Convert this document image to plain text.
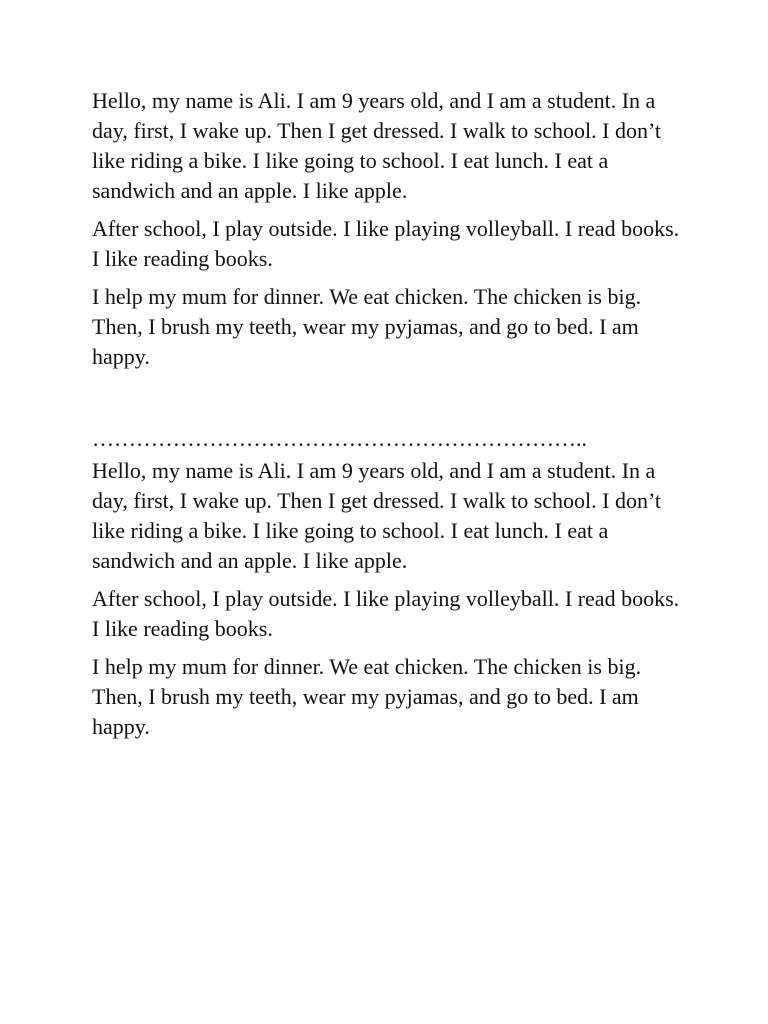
Hello, my name is Ali. I am 9 years old, and I am a student. In a day, first, I wake up. Then I get dressed. I walk to school. I don’t like riding a bike. I like going to school. I eat lunch. I eat a sandwich and an apple. I like apple.

After school, I play outside. I like playing volleyball. I read books.  I like reading books.

I help my mum for dinner. We eat chicken. The chicken is big. Then, I brush my teeth, wear my pyjamas, and go to bed. I am happy.

…………………………………………………………..

Hello, my name is Ali. I am 9 years old, and I am a student. In a day, first, I wake up. Then I get dressed. I walk to school. I don’t like riding a bike. I like going to school. I eat lunch. I eat a sandwich and an apple. I like apple.

After school, I play outside. I like playing volleyball. I read books.  I like reading books.

I help my mum for dinner. We eat chicken. The chicken is big. Then, I brush my teeth, wear my pyjamas, and go to bed. I am happy.
